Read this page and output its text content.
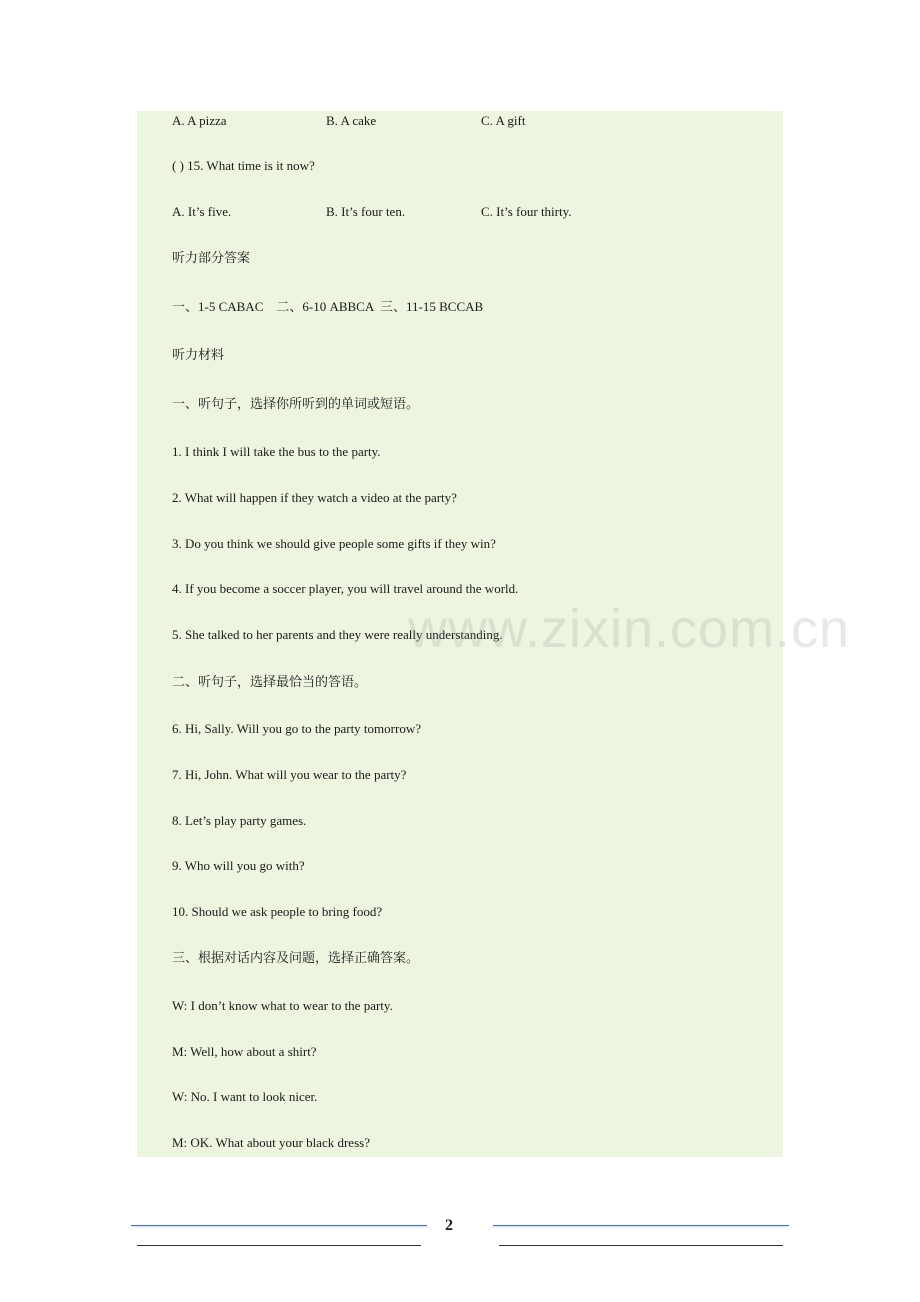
A. A pizza	B. A cake	C. A gift
( ) 15. What time is it now?
A. It’s five.	B. It’s four ten.	C. It’s four thirty.
听力部分答案
一、1-5 CABAC    二、6-10 ABBCA  三、11-15 BCCAB
听力材料
一、听句子，选择你所听到的单词或短语。
1. I think I will take the bus to the party.
2. What will happen if they watch a video at the party?
3. Do you think we should give people some gifts if they win?
4. If you become a soccer player, you will travel around the world.
5. She talked to her parents and they were really understanding.
二、听句子，选择最恰当的答语。
6. Hi, Sally. Will you go to the party tomorrow?
7. Hi, John. What will you wear to the party?
8. Let’s play party games.
9. Who will you go with?
10. Should we ask people to bring food?
三、根据对话内容及问题，选择正确答案。
W: I don’t know what to wear to the party.
M: Well, how about a shirt?
W: No. I want to look nicer.
M: OK. What about your black dress?
www.zixin.com.cn
2
